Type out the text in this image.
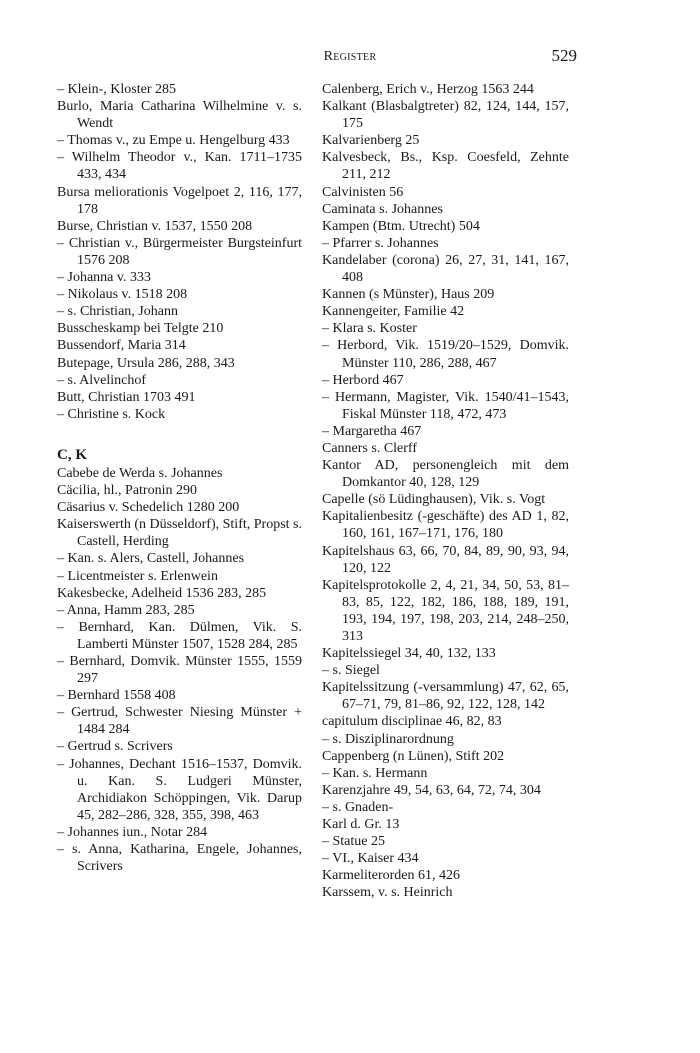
Register	529
– Klein-, Kloster 285
Burlo, Maria Catharina Wilhelmine v. s. Wendt
– Thomas v., zu Empe u. Hengelburg 433
– Wilhelm Theodor v., Kan. 1711–1735 433, 434
Bursa meliorationis Vogelpoet 2, 116, 177, 178
Burse, Christian v. 1537, 1550 208
– Christian v., Bürgermeister Burgsteinfurt 1576 208
– Johanna v. 333
– Nikolaus v. 1518 208
– s. Christian, Johann
Busscheskamp bei Telgte 210
Bussendorf, Maria 314
Butepage, Ursula 286, 288, 343
– s. Alvelinchof
Butt, Christian 1703 491
– Christine s. Kock
C, K
Cabebe de Werda s. Johannes
Cäcilia, hl., Patronin 290
Cäsarius v. Schedelich 1280 200
Kaiserswerth (n Düsseldorf), Stift, Propst s. Castell, Herding
– Kan. s. Alers, Castell, Johannes
– Licentmeister s. Erlenwein
Kakesbecke, Adelheid 1536 283, 285
– Anna, Hamm 283, 285
– Bernhard, Kan. Dülmen, Vik. S. Lamberti Münster 1507, 1528 284, 285
– Bernhard, Domvik. Münster 1555, 1559 297
– Bernhard 1558 408
– Gertrud, Schwester Niesing Münster + 1484 284
– Gertrud s. Scrivers
– Johannes, Dechant 1516–1537, Domvik. u. Kan. S. Ludgeri Münster, Archidiakon Schöppingen, Vik. Darup 45, 282–286, 328, 355, 398, 463
– Johannes iun., Notar 284
– s. Anna, Katharina, Engele, Johannes, Scrivers
Calenberg, Erich v., Herzog 1563 244
Kalkant (Blasbalgtreter) 82, 124, 144, 157, 175
Kalvarienberg 25
Kalvesbeck, Bs., Ksp. Coesfeld, Zehnte 211, 212
Calvinisten 56
Caminata s. Johannes
Kampen (Btm. Utrecht) 504
– Pfarrer s. Johannes
Kandelaber (corona) 26, 27, 31, 141, 167, 408
Kannen (s Münster), Haus 209
Kannengeiter, Familie 42
– Klara s. Koster
– Herbord, Vik. 1519/20–1529, Domvik. Münster 110, 286, 288, 467
– Herbord 467
– Hermann, Magister, Vik. 1540/41–1543, Fiskal Münster 118, 472, 473
– Margaretha 467
Canners s. Clerff
Kantor AD, personengleich mit dem Domkantor 40, 128, 129
Capelle (sö Lüdinghausen), Vik. s. Vogt
Kapitalienbesitz (-geschäfte) des AD 1, 82, 160, 161, 167–171, 176, 180
Kapitelshaus 63, 66, 70, 84, 89, 90, 93, 94, 120, 122
Kapitelsprotokolle 2, 4, 21, 34, 50, 53, 81–83, 85, 122, 182, 186, 188, 189, 191, 193, 194, 197, 198, 203, 214, 248–250, 313
Kapitelssiegel 34, 40, 132, 133
– s. Siegel
Kapitelssitzung (-versammlung) 47, 62, 65, 67–71, 79, 81–86, 92, 122, 128, 142
capitulum disciplinae 46, 82, 83
– s. Disziplinarordnung
Cappenberg (n Lünen), Stift 202
– Kan. s. Hermann
Karenzjahre 49, 54, 63, 64, 72, 74, 304
– s. Gnaden-
Karl d. Gr. 13
– Statue 25
– VI., Kaiser 434
Karmeliterorden 61, 426
Karssem, v. s. Heinrich
